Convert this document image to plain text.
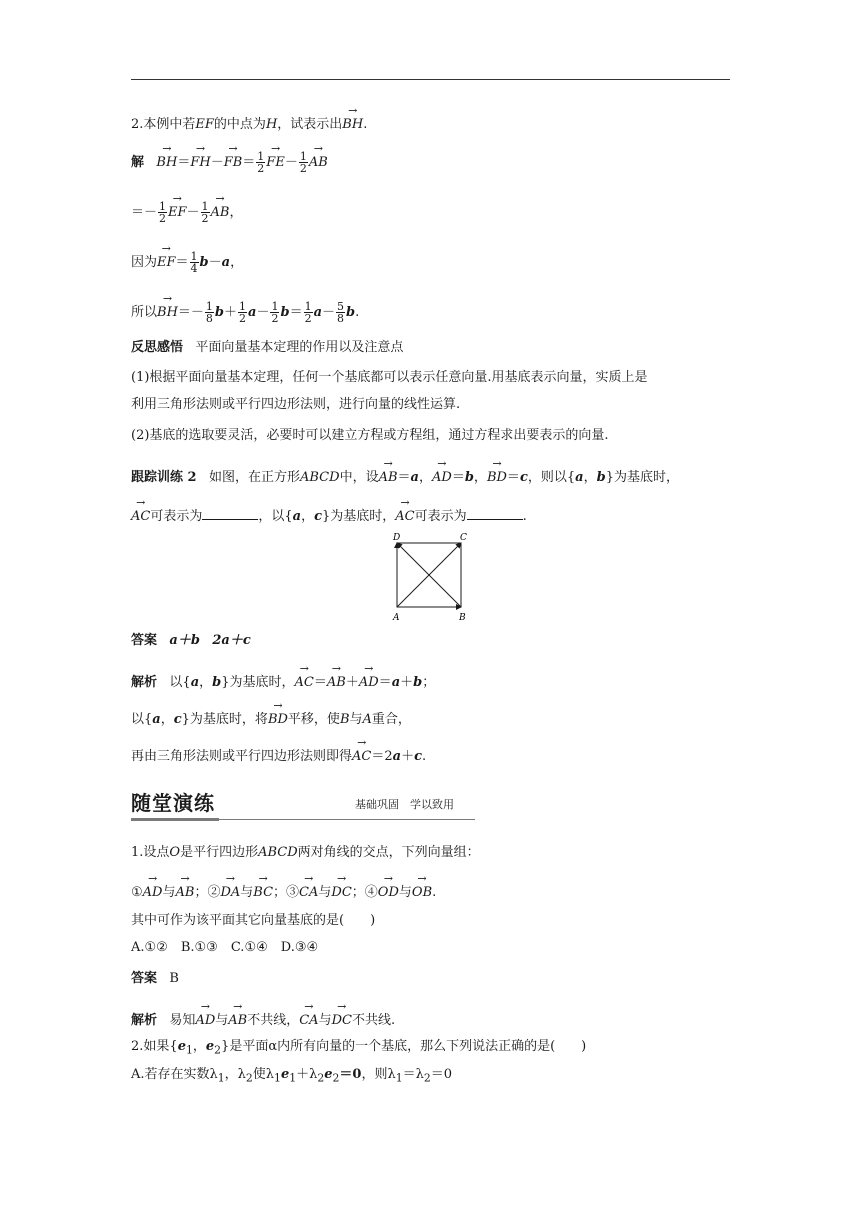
2.本例中若EF的中点为H，试表示出→ BH.
解   → $BH=\to FH-\to FB= \frac{1}{2}$
→ $FE- \frac{1}{2}$
→ AB
＝－ $\frac{1}{2}$
→ $EF- \frac{1}{2}$
→ AB，
因为→ $EF= \frac{1}{4} b-a$，
所以→ $BH=- \frac{1}{8} b+ \frac{1}{2} a- \frac{1}{2} b= \frac{1}{2} a- \frac{5}{8} b$.
反思感悟 平面向量基本定理的作用以及注意点
(1)根据平面向量基本定理，任何一个基底都可以表示任意向量.用基底表示向量，实质上是
利用三角形法则或平行四边形法则，进行向量的线性运算.
(2)基底的选取要灵活，必要时可以建立方程或方程组，通过方程求出要表示的向量.
跟踪训练 2 如图，在正方形ABCD中，设→ AB＝a，→ AD＝b，→ BD＝c，则以{a，b}为基底时，
→ AC可表示为	，以{a，c}为基底时，→ AC可表示为	.
D	C
A	B
答案 a＋b 2a＋c
解析 以{a，b}为基底时，→ AC＝→ AB＋→ AD＝a＋b；
以{a，c}为基底时，将→ BD平移，使B与A重合，
再由三角形法则或平行四边形法则即得→ AC＝2a＋c.
随堂演练	基础巩固　学以致用
1.设点O是平行四边形ABCD两对角线的交点，下列向量组：
①→ AD与→ AB；②→ DA与→ BC；③→ CA与→ DC；④→ OD与→ OB.
其中可作为该平面其它向量基底的是(　　)
A.①②　B.①③　C.①④　D.③④
答案 B
解析 易知→ AD与→ AB不共线，→ CA与→ DC不共线.
2.如果{$e_1$，$e_2$}是平面α内所有向量的一个基底，那么下列说法正确的是(　　)
A.若存在实数$\lambda_1$，$\lambda_2$使$\lambda_1e_1+\lambda_2e_2=0$，则$\lambda_1=\lambda_2=0$
